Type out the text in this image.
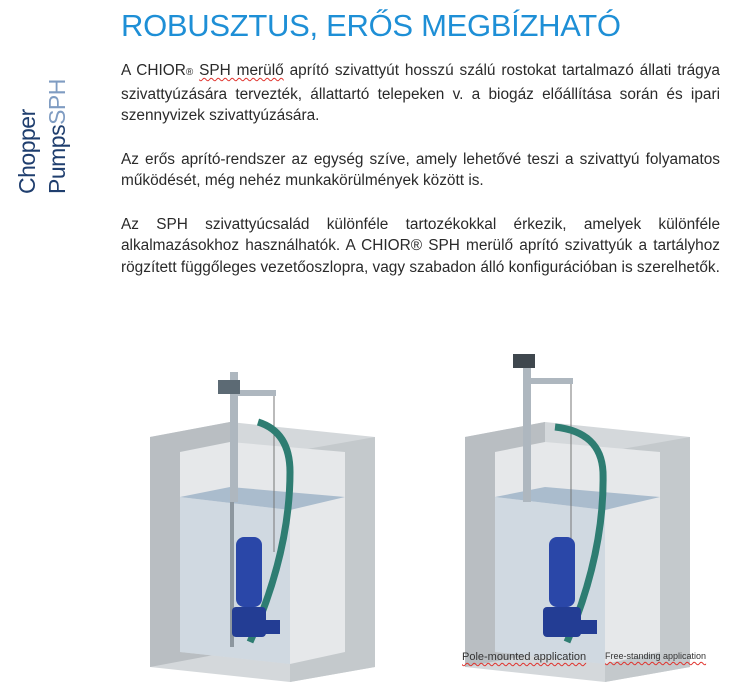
Chopper PumpsSPH
ROBUSZTUS, ERŐS MEGBÍZHATÓ

A CHIOR® SPH merülő aprító szivattyút hosszú szálú rostokat tartalmazó állati trágya szivattyúzására tervezték, állattartó telepeken v. a biogáz előállítása során és ipari szennyvizek szivattyúzására.

Az erős aprító-rendszer az egység szíve, amely lehetővé teszi a szivattyú folyamatos működését, még nehéz munkakörülmények között is.

Az SPH szivattyúcsalád különféle tartozékokkal érkezik, amelyek különféle alkalmazásokhoz használhatók. A CHIOR® SPH merülő aprító szivattyúk a tartályhoz rögzített függőleges vezetőoszlopra, vagy szabadon álló konfigurációban is szerelhetők.

Pole-mounted application Free-standing application
